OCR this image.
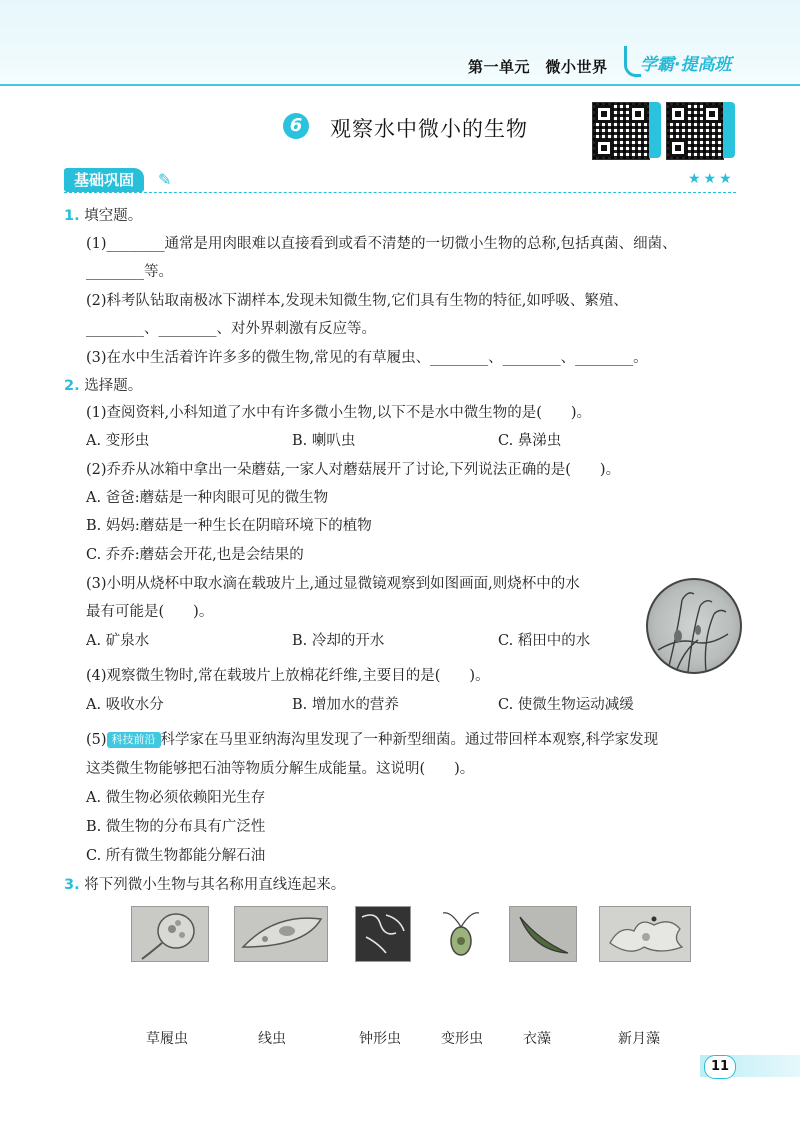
第一单元　微小世界 学霸·提高班
6	观察水中微小的生物
基础巩固	✎	★★★
1. 填空题。
(1)________通常是用肉眼难以直接看到或看不清楚的一切微小生物的总称,包括真菌、细菌、
________等。
(2)科考队钻取南极冰下湖样本,发现未知微生物,它们具有生物的特征,如呼吸、繁殖、
________、________、对外界刺激有反应等。
(3)在水中生活着许许多多的微生物,常见的有草履虫、________、________、________。
2. 选择题。
(1)查阅资料,小科知道了水中有许多微小生物,以下不是水中微生物的是(　　)。
A. 变形虫	B. 喇叭虫	C. 鼻涕虫
(2)乔乔从冰箱中拿出一朵蘑菇,一家人对蘑菇展开了讨论,下列说法正确的是(　　)。
A. 爸爸:蘑菇是一种肉眼可见的微生物
B. 妈妈:蘑菇是一种生长在阴暗环境下的植物
C. 乔乔:蘑菇会开花,也是会结果的
(3)小明从烧杯中取水滴在载玻片上,通过显微镜观察到如图画面,则烧杯中的水
最有可能是(　　)。
A. 矿泉水	B. 冷却的开水	C. 稻田中的水
(4)观察微生物时,常在载玻片上放棉花纤维,主要目的是(　　)。
A. 吸收水分	B. 增加水的营养	C. 使微生物运动减缓
(5) 科技前沿 科学家在马里亚纳海沟里发现了一种新型细菌。通过带回样本观察,科学家发现
这类微生物能够把石油等物质分解生成能量。这说明(　　)。
A. 微生物必须依赖阳光生存
B. 微生物的分布具有广泛性
C. 所有微生物都能分解石油
3. 将下列微小生物与其名称用直线连起来。
草履虫	线虫	钟形虫	变形虫	衣藻	新月藻
11
